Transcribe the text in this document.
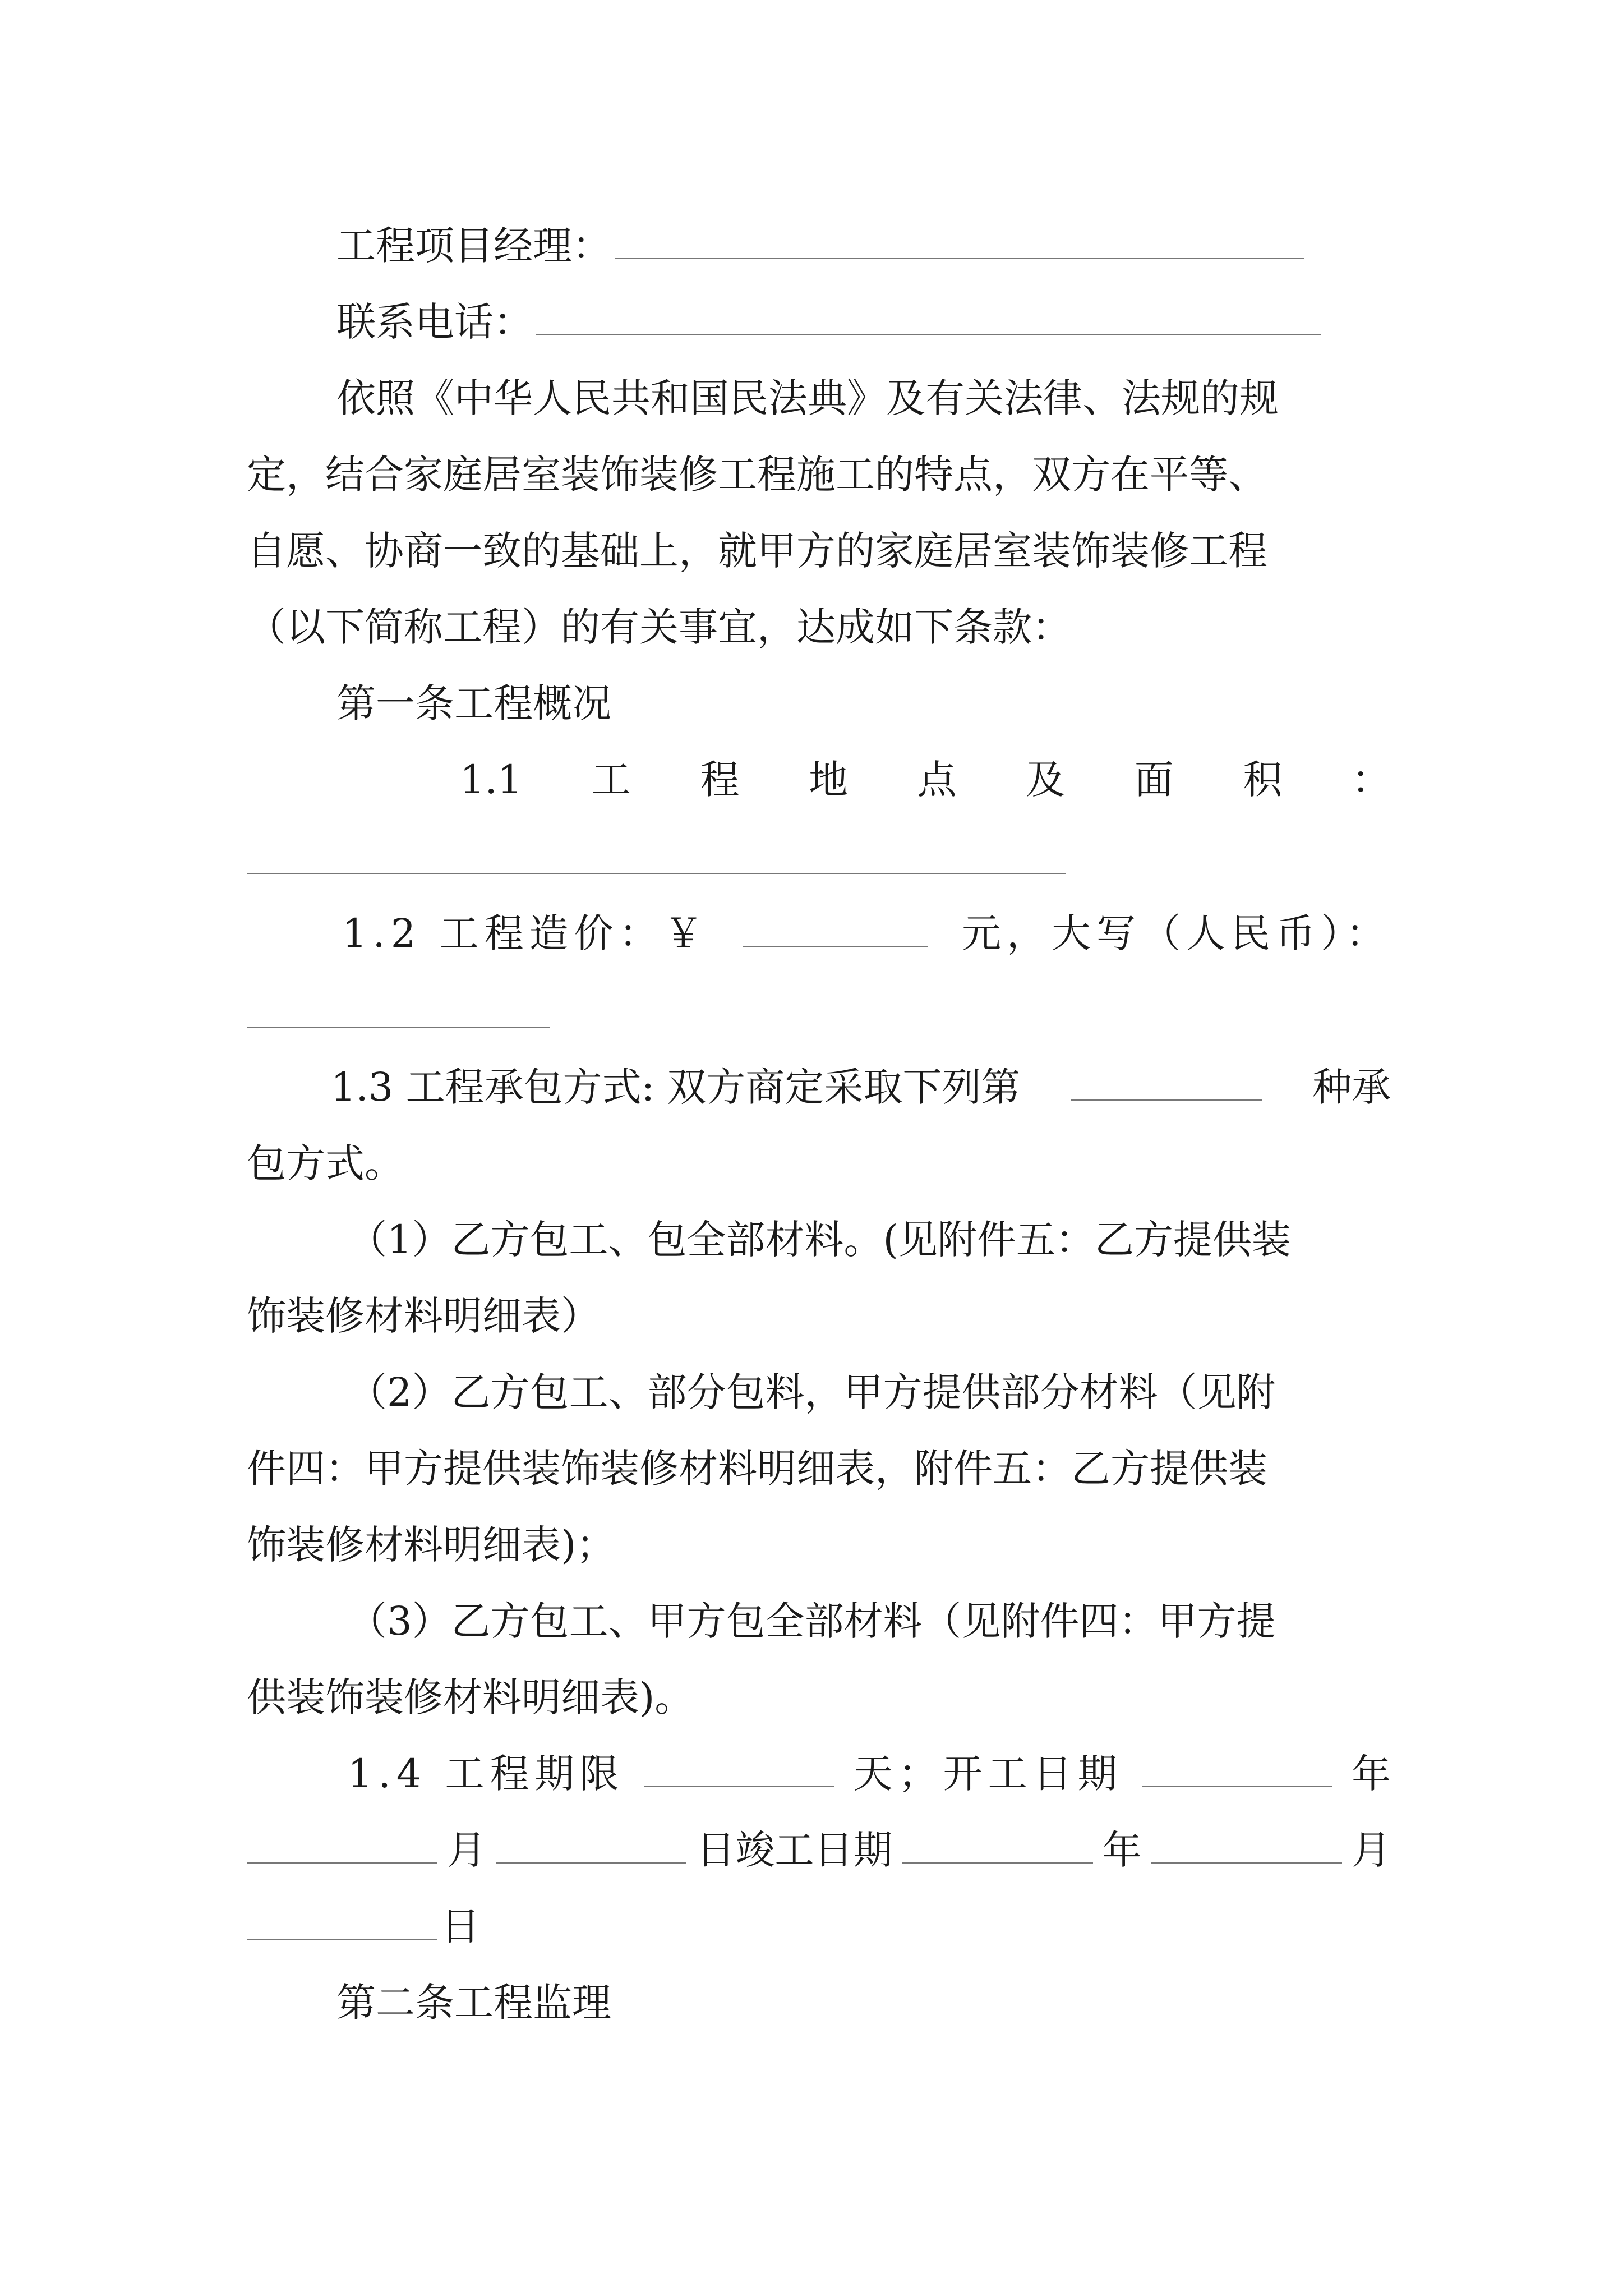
工程项目经理：
联系电话：
依照《中华人民共和国民法典》及有关法律、法规的规
定，结合家庭居室装饰装修工程施工的特点，双方在平等、
自愿、协商一致的基础上，就甲方的家庭居室装饰装修工程
（以下简称工程）的有关事宜，达成如下条款：
第一条工程概况
1.1 工 程 地 点 及 面 积 ：
1.2 工程造价：￥	元，大写（人民币）：
1.3 工程承包方式: 双方商定采取下列第	种承
包方式。
（1）乙方包工、包全部材料。(见附件五：乙方提供装
饰装修材料明细表）
（2）乙方包工、部分包料，甲方提供部分材料（见附
件四：甲方提供装饰装修材料明细表，附件五：乙方提供装
饰装修材料明细表)；
（3）乙方包工、甲方包全部材料（见附件四：甲方提
供装饰装修材料明细表)。
1.4 工程期限	天；开工日期	年
月	日竣工日期	年	月
日
第二条工程监理
